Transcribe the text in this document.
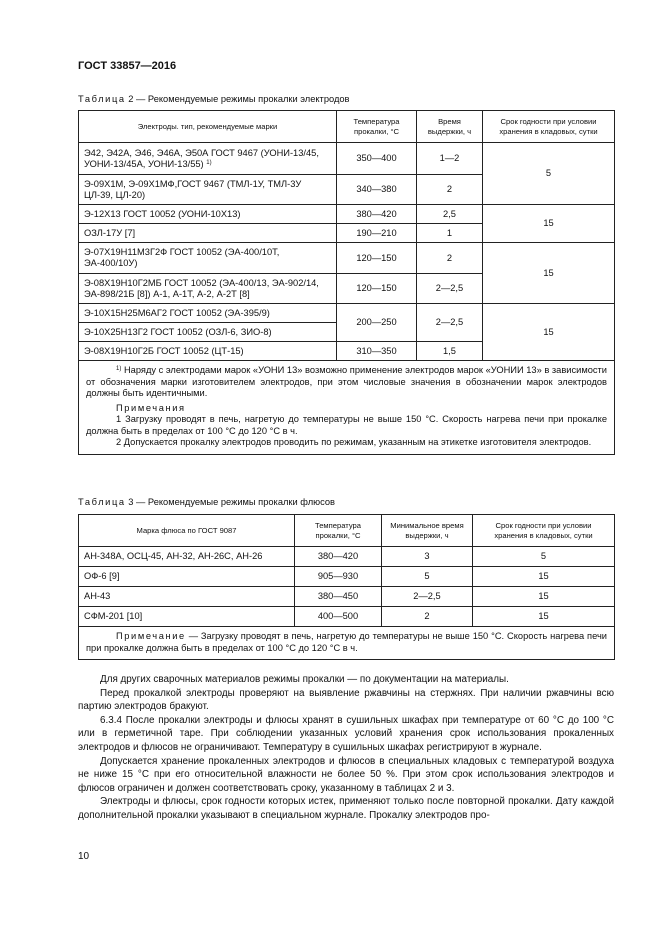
ГОСТ 33857—2016
Таблица 2 — Рекомендуемые режимы прокалки электродов
Электроды. тип, рекомендуемые марки	Температура прокалки, °С	Время выдержки, ч	Срок годности при условии хранения в кладовых, сутки
Э42, Э42А, Э46, Э46А, Э50А ГОСТ 9467 (УОНИ-13/45, УОНИ-13/45А, УОНИ-13/55) $^{1)}$	350—400	1—2	5
Э-09Х1М, Э-09Х1МФ,ГОСТ 9467 (ТМЛ-1У, ТМЛ-3У ЦЛ-39, ЦЛ-20)	340—380	2	
Э-12Х13 ГОСТ 10052 (УОНИ-10Х13)	380—420	2,5	15
ОЗЛ-17У [7]	190—210	1	
Э-07Х19Н11М3Г2Ф ГОСТ 10052 (ЭА-400/10Т, ЭА-400/10У)	120—150	2	15
Э-08Х19Н10Г2МБ ГОСТ 10052 (ЭА-400/13, ЭА-902/14, ЭА-898/21Б [8]) А-1, А-1Т, А-2, А-2Т [8]	120—150	2—2,5	
Э-10Х15Н25М6АГ2 ГОСТ 10052 (ЭА-395/9)	200—250	2—2,5	15
Э-10Х25Н13Г2 ГОСТ 10052 (ОЗЛ-6, ЗИО-8)			
Э-08Х19Н10Г2Б ГОСТ 10052 (ЦТ-15)	310—350	1,5	

$^{1)}$ Наряду с электродами марок «УОНИ 13» возможно применение электродов марок «УОНИИ 13» в зависимости от обозначения марки изготовителем электродов, при этом числовые значения в обозначении марок электродов должны быть идентичными.

Примечания

1 Загрузку проводят в печь, нагретую до температуры не выше 150 °С. Скорость нагрева печи при прокалке должна быть в пределах от 100 °С до 120 °С в ч.

2 Допускается прокалку электродов проводить по режимам, указанным на этикетке изготовителя электродов.			

Таблица 3 — Рекомендуемые режимы прокалки флюсов
Марка флюса по ГОСТ 9087	Температура прокалки, °С	Минимальное время выдержки, ч	Срок годности при условии хранения в кладовых, сутки
АН-348А, ОСЦ-45, АН-32, АН-26С, АН-26	380—420	3	5
ОФ-6 [9]	905—930	5	15
АН-43	380—450	2—2,5	15
СФМ-201 [10]	400—500	2	15

Примечание — Загрузку проводят в печь, нагретую до температуры не выше 150 °С. Скорость нагрева печи при прокалке должна быть в пределах от 100 °С до 120 °С в ч.			

Для других сварочных материалов режимы прокалки — по документации на материалы.

Перед прокалкой электроды проверяют на выявление ржавчины на стержнях. При наличии ржавчины всю партию электродов бракуют.

6.3.4 После прокалки электроды и флюсы хранят в сушильных шкафах при температуре от 60 °С до 100 °С или в герметичной таре. При соблюдении указанных условий хранения срок использования прокаленных электродов и флюсов не ограничивают. Температуру в сушильных шкафах регистрируют в журнале.

Допускается хранение прокаленных электродов и флюсов в специальных кладовых с температурой воздуха не ниже 15 °С при его относительной влажности не более 50 %. При этом срок использования электродов и флюсов ограничен и должен соответствовать сроку, указанному в таблицах 2 и 3.

Электроды и флюсы, срок годности которых истек, применяют только после повторной прокалки. Дату каждой дополнительной прокалки указывают в специальном журнале. Прокалку электродов про-

10
